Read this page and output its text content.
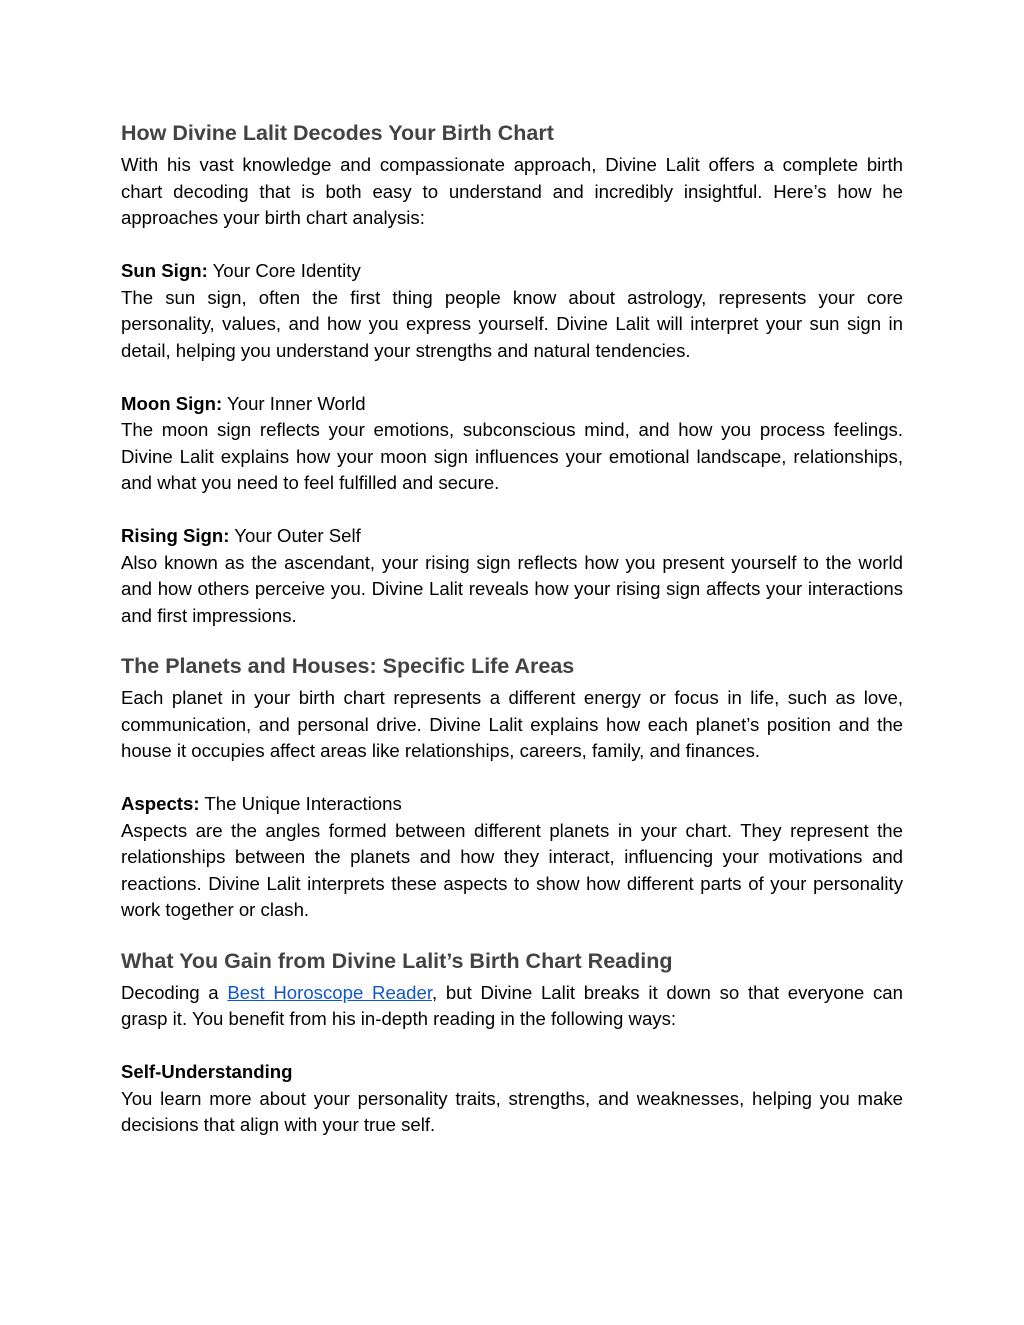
How Divine Lalit Decodes Your Birth Chart

With his vast knowledge and compassionate approach, Divine Lalit offers a complete birth chart decoding that is both easy to understand and incredibly insightful. Here’s how he approaches your birth chart analysis:

Sun Sign: Your Core Identity

The sun sign, often the first thing people know about astrology, represents your core personality, values, and how you express yourself. Divine Lalit will interpret your sun sign in detail, helping you understand your strengths and natural tendencies.

Moon Sign: Your Inner World

The moon sign reflects your emotions, subconscious mind, and how you process feelings. Divine Lalit explains how your moon sign influences your emotional landscape, relationships, and what you need to feel fulfilled and secure.

Rising Sign: Your Outer Self

Also known as the ascendant, your rising sign reflects how you present yourself to the world and how others perceive you. Divine Lalit reveals how your rising sign affects your interactions and first impressions.

The Planets and Houses: Specific Life Areas

Each planet in your birth chart represents a different energy or focus in life, such as love, communication, and personal drive. Divine Lalit explains how each planet’s position and the house it occupies affect areas like relationships, careers, family, and finances.

Aspects: The Unique Interactions

Aspects are the angles formed between different planets in your chart. They represent the relationships between the planets and how they interact, influencing your motivations and reactions. Divine Lalit interprets these aspects to show how different parts of your personality work together or clash.

What You Gain from Divine Lalit’s Birth Chart Reading

Decoding a Best Horoscope Reader, but Divine Lalit breaks it down so that everyone can grasp it. You benefit from his in-depth reading in the following ways:

Self-Understanding

You learn more about your personality traits, strengths, and weaknesses, helping you make decisions that align with your true self.
